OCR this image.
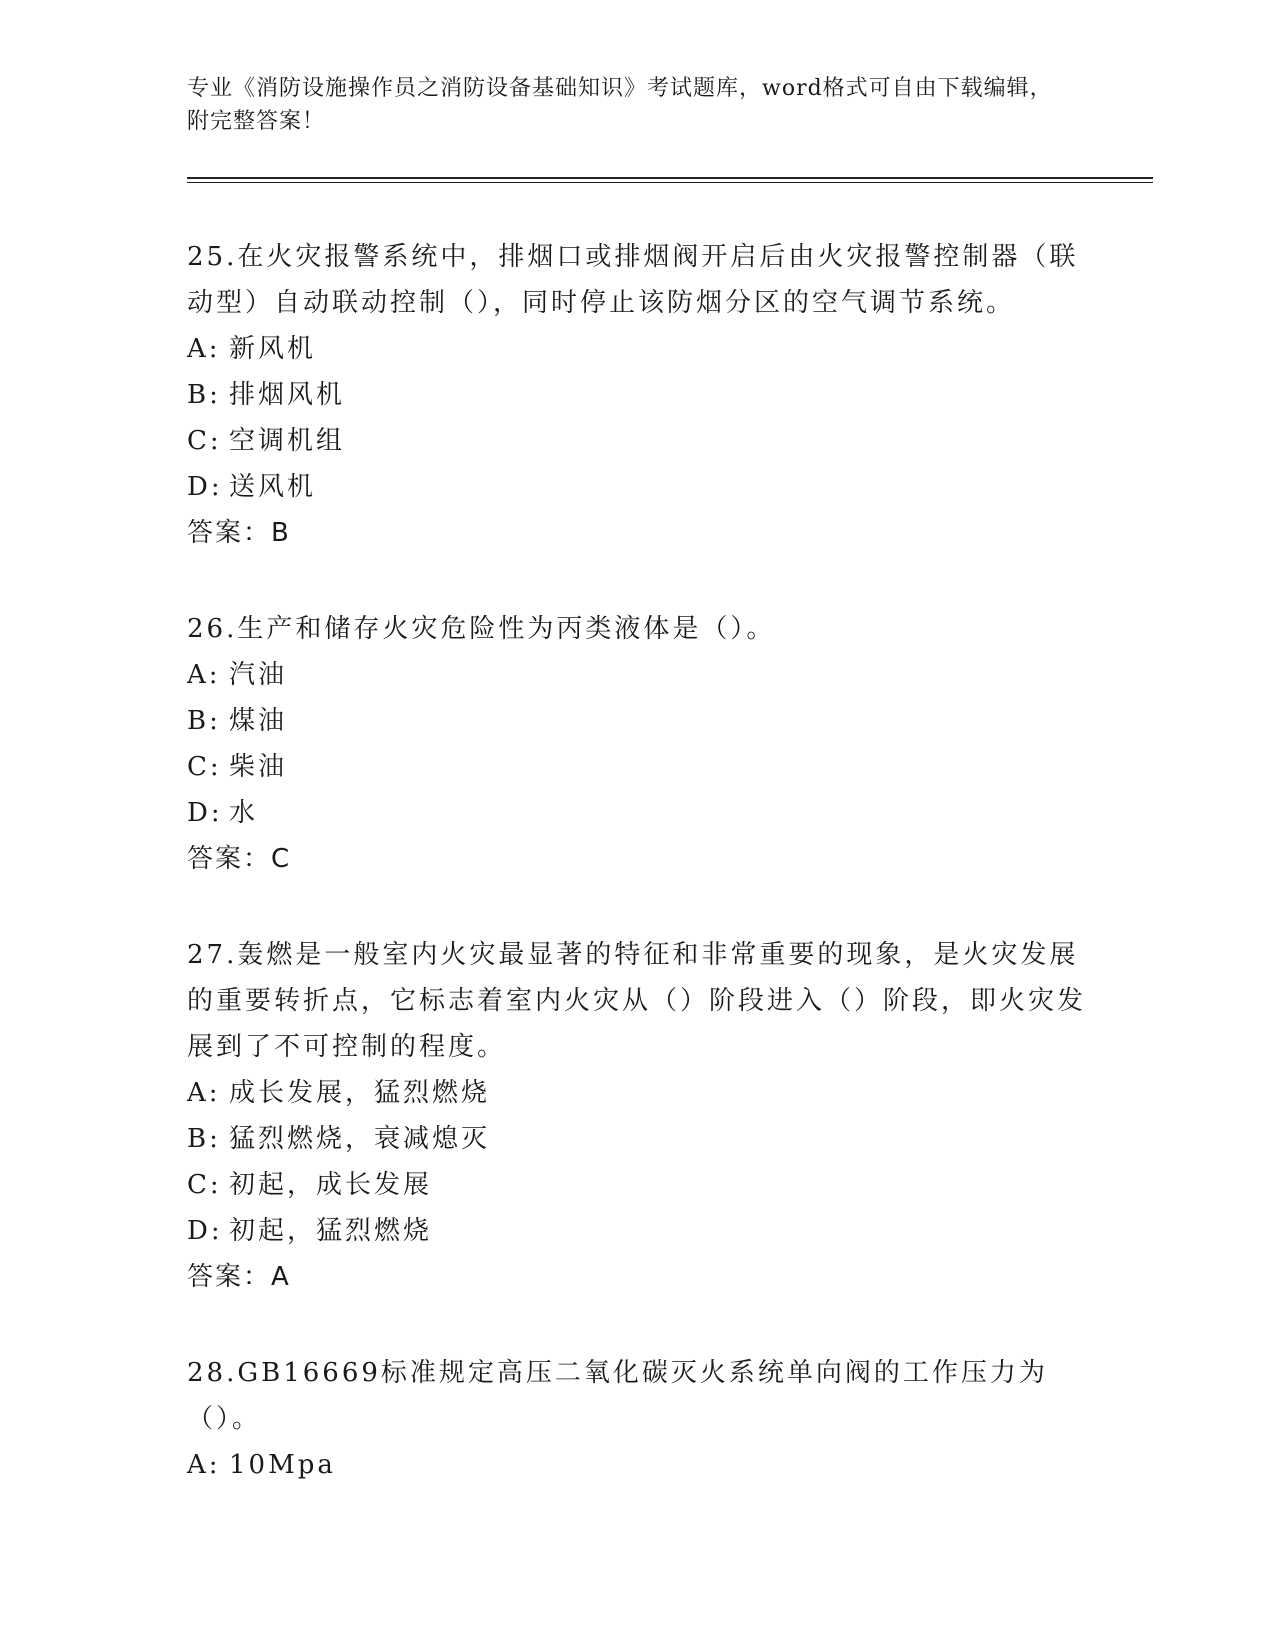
专业《消防设施操作员之消防设备基础知识》考试题库，word格式可自由下载编辑，附完整答案！

25.在火灾报警系统中，排烟口或排烟阀开启后由火灾报警控制器（联动型）自动联动控制（），同时停止该防烟分区的空气调节系统。

A: 新风机

B: 排烟风机

C: 空调机组

D: 送风机

答案：B

26.生产和储存火灾危险性为丙类液体是（）。

A: 汽油

B: 煤油

C: 柴油

D: 水

答案：C

27.轰燃是一般室内火灾最显著的特征和非常重要的现象，是火灾发展的重要转折点，它标志着室内火灾从（）阶段进入（）阶段，即火灾发展到了不可控制的程度。

A: 成长发展，猛烈燃烧

B: 猛烈燃烧，衰减熄灭

C: 初起，成长发展

D: 初起，猛烈燃烧

答案：A

28.GB16669标准规定高压二氧化碳灭火系统单向阀的工作压力为（）。

A: 10Mpa
